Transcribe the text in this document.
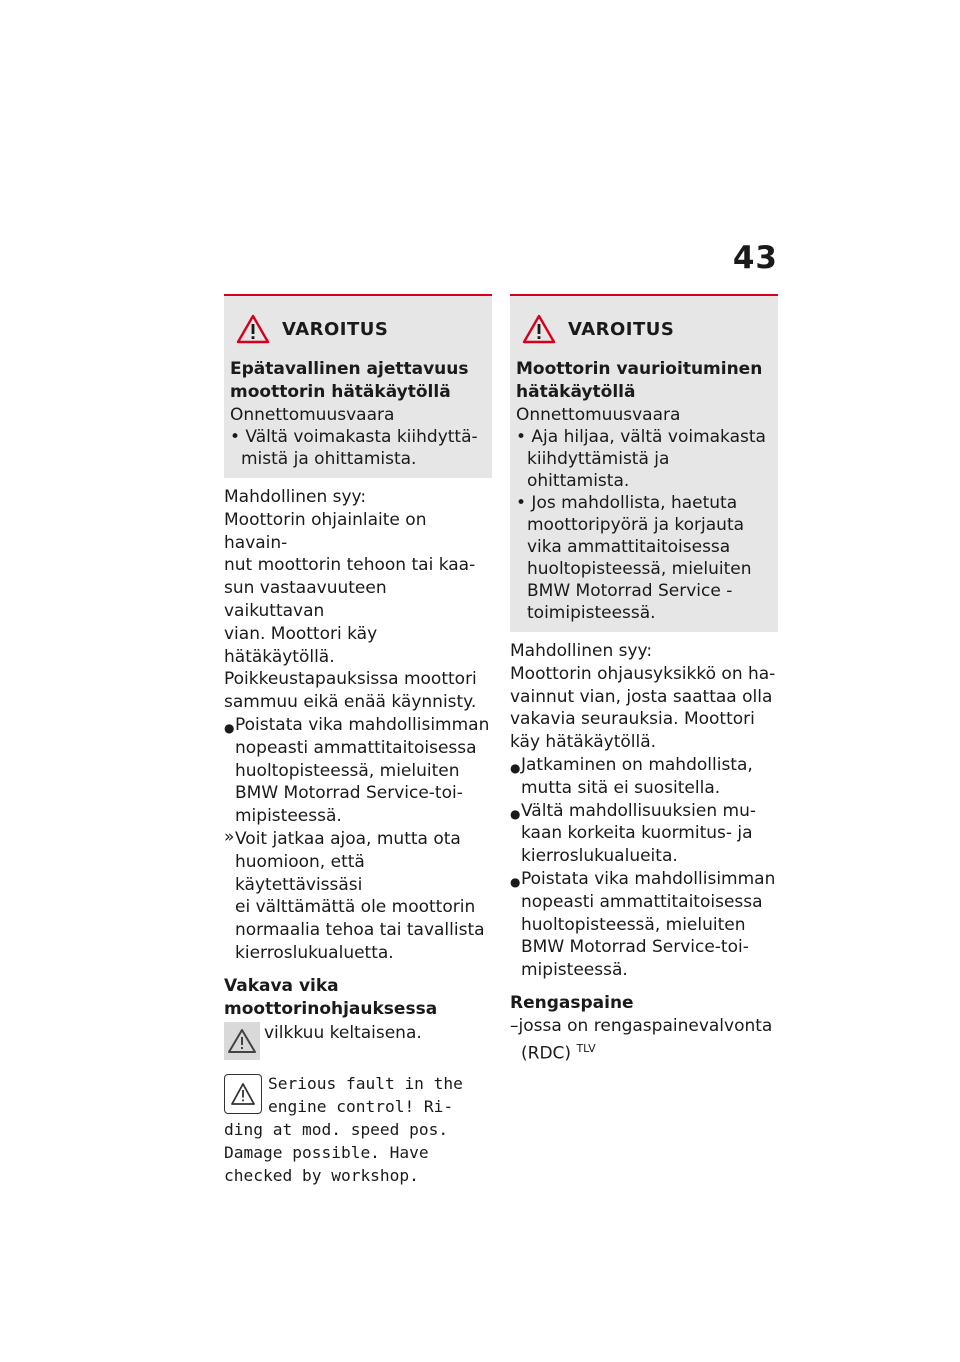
43
VAROITUS
Epätavallinen ajettavuus
moottorin hätäkäytöllä
Onnettomuusvaara
• Vältä voimakasta kiihdyttä-
mistä ja ohittamista.

Mahdollinen syy:

Moottorin ohjainlaite on havain-

nut moottorin tehoon tai kaa-

sun vastaavuuteen vaikuttavan

vian. Moottori käy hätäkäytöllä.

Poikkeustapauksissa moottori

sammuu eikä enää käynnisty.

● Poistata vika mahdollisimman

nopeasti ammattitaitoisessa

huoltopisteessä, mieluiten

BMW Motorrad Service-toi-

mipisteessä.

» Voit jatkaa ajoa, mutta ota

huomioon, että käytettävissäsi

ei välttämättä ole moottorin

normaalia tehoa tai tavallista

kierroslukualuetta.

Vakava vika

moottorinohjauksessa

vilkkuu keltaisena.

Serious fault in the
engine control! Ri-
ding at mod. speed pos.
Damage possible. Have
checked by workshop.
VAROITUS
Moottorin vaurioituminen
hätäkäytöllä
Onnettomuusvaara
• Aja hiljaa, vältä voimakasta
kiihdyttämistä ja ohittamista.
• Jos mahdollista, haetuta
moottoripyörä ja korjauta
vika ammattitaitoisessa
huoltopisteessä, mieluiten
BMW Motorrad Service -
toimipisteessä.

Mahdollinen syy:

Moottorin ohjausyksikkö on ha-

vainnut vian, josta saattaa olla

vakavia seurauksia. Moottori

käy hätäkäytöllä.

● Jatkaminen on mahdollista,

mutta sitä ei suositella.

● Vältä mahdollisuuksien mu-

kaan korkeita kuormitus- ja

kierroslukualueita.

● Poistata vika mahdollisimman

nopeasti ammattitaitoisessa

huoltopisteessä, mieluiten

BMW Motorrad Service-toi-

mipisteessä.

Rengaspaine

–jossa on rengaspainevalvonta

(RDC) $^{TLV}$
